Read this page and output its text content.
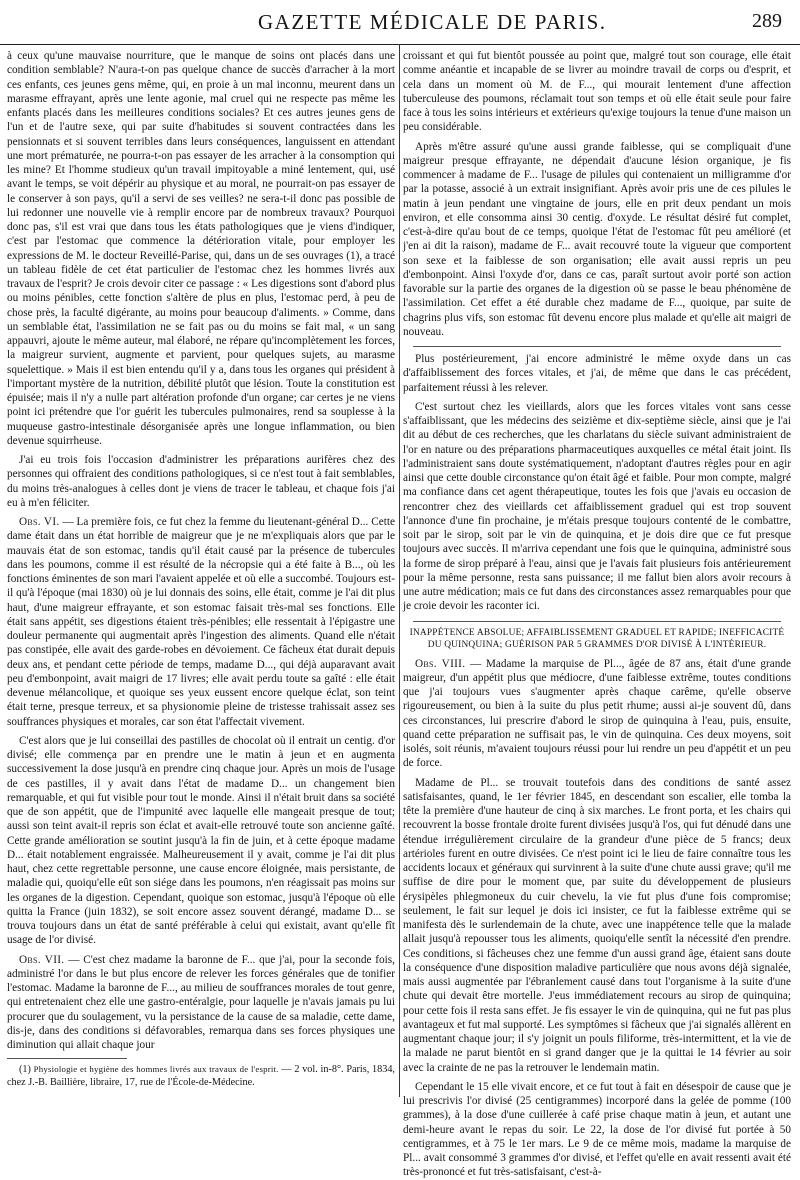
GAZETTE MÉDICALE DE PARIS.	289

à ceux qu'une mauvaise nourriture, que le manque de soins ont placés dans une condition semblable? N'aura-t-on pas quelque chance de succès d'arracher à la mort ces enfants, ces jeunes gens même, qui, en proie à un mal inconnu, meurent dans un marasme effrayant, après une lente agonie, mal cruel qui ne respecte pas même les enfants placés dans les meilleures conditions sociales? Et ces autres jeunes gens de l'un et de l'autre sexe, qui par suite d'habitudes si souvent contractées dans les pensionnats et si souvent terribles dans leurs conséquences, languissent en attendant une mort prématurée, ne pourra-t-on pas essayer de les arracher à la consomption qui les mine? Et l'homme studieux qu'un travail impitoyable a miné lentement, qui, usé avant le temps, se voit dépérir au physique et au moral, ne pourrait-on pas essayer de le conserver à son pays, qu'il a servi de ses veilles? ne sera-t-il donc pas possible de lui redonner une nouvelle vie à remplir encore par de nombreux travaux? Pourquoi donc pas, s'il est vrai que dans tous les états pathologiques que je viens d'indiquer, c'est par l'estomac que commence la détérioration vitale, pour employer les expressions de M. le docteur Reveillé-Parise, qui, dans un de ses ouvrages (1), a tracé un tableau fidèle de cet état particulier de l'estomac chez les hommes livrés aux travaux de l'esprit? Je crois devoir citer ce passage : « Les digestions sont d'abord plus ou moins pénibles, cette fonction s'altère de plus en plus, l'estomac perd, à peu de chose près, la faculté digérante, au moins pour beaucoup d'aliments. » Comme, dans un semblable état, l'assimilation ne se fait pas ou du moins se fait mal, « un sang appauvri, ajoute le même auteur, mal élaboré, ne répare qu'incomplètement les forces, la maigreur survient, augmente et parvient, pour quelques sujets, au marasme squelettique. » Mais il est bien entendu qu'il y a, dans tous les organes qui président à l'important mystère de la nutrition, débilité plutôt que lésion. Toute la constitution est épuisée; mais il n'y a nulle part altération profonde d'un organe; car certes je ne viens point ici prétendre que l'or guérit les tubercules pulmonaires, rend sa souplesse à la muqueuse gastro-intestinale désorganisée après une longue inflammation, ou bien devenue squirrheuse.

J'ai eu trois fois l'occasion d'administrer les préparations aurifères chez des personnes qui offraient des conditions pathologiques, si ce n'est tout à fait semblables, du moins très-analogues à celles dont je viens de tracer le tableau, et chaque fois j'ai eu à m'en féliciter.

Obs. VI. — La première fois, ce fut chez la femme du lieutenant-général D... Cette dame était dans un état horrible de maigreur que je ne m'expliquais alors que par le mauvais état de son estomac, tandis qu'il était causé par la présence de tubercules dans les poumons, comme il est résulté de la nécropsie qui a été faite à B..., où les fonctions éminentes de son mari l'avaient appelée et où elle a succombé. Toujours est-il qu'à l'époque (mai 1830) où je lui donnais des soins, elle était, comme je l'ai dit plus haut, d'une maigreur effrayante, et son estomac faisait très-mal ses fonctions. Elle était sans appétit, ses digestions étaient très-pénibles; elle ressentait à l'épigastre une douleur permanente qui augmentait après l'ingestion des aliments. Quand elle n'était pas constipée, elle avait des garde-robes en dévoiement. Ce fâcheux état durait depuis deux ans, et pendant cette période de temps, madame D..., qui déjà auparavant avait peu d'embonpoint, avait maigri de 17 livres; elle avait perdu toute sa gaîté : elle était devenue mélancolique, et quoique ses yeux eussent encore quelque éclat, son teint était terne, presque terreux, et sa physionomie pleine de tristesse trahissait assez ses souffrances physiques et morales, car son état l'affectait vivement.

C'est alors que je lui conseillai des pastilles de chocolat où il entrait un centig. d'or divisé; elle commença par en prendre une le matin à jeun et en augmenta successivement la dose jusqu'à en prendre cinq chaque jour. Après un mois de l'usage de ces pastilles, il y avait dans l'état de madame D... un changement bien remarquable, et qui fut visible pour tout le monde. Ainsi il n'était bruit dans sa société que de son appétit, que de l'impunité avec laquelle elle mangeait presque de tout; aussi son teint avait-il repris son éclat et avait-elle retrouvé toute son ancienne gaîté. Cette grande amélioration se soutint jusqu'à la fin de juin, et à cette époque madame D... était notablement engraissée. Malheureusement il y avait, comme je l'ai dit plus haut, chez cette regrettable personne, une cause encore éloignée, mais persistante, de maladie qui, quoiqu'elle eût son siége dans les poumons, n'en réagissait pas moins sur les organes de la digestion. Cependant, quoique son estomac, jusqu'à l'époque où elle quitta la France (juin 1832), se soit encore assez souvent dérangé, madame D... se trouva toujours dans un état de santé préférable à celui qui existait, avant qu'elle fît usage de l'or divisé.

Obs. VII. — C'est chez madame la baronne de F... que j'ai, pour la seconde fois, administré l'or dans le but plus encore de relever les forces générales que de tonifier l'estomac. Madame la baronne de F..., au milieu de souffrances morales de tout genre, qui entretenaient chez elle une gastro-entéralgie, pour laquelle je n'avais jamais pu lui procurer que du soulagement, vu la persistance de la cause de sa maladie, cette dame, dis-je, dans des conditions si défavorables, remarqua dans ses forces physiques une diminution qui allait chaque jour

(1) Physiologie et hygiène des hommes livrés aux travaux de l'esprit. — 2 vol. in-8°. Paris, 1834, chez J.-B. Baillière, libraire, 17, rue de l'École-de-Médecine.

croissant et qui fut bientôt poussée au point que, malgré tout son courage, elle était comme anéantie et incapable de se livrer au moindre travail de corps ou d'esprit, et cela dans un moment où M. de F..., qui mourait lentement d'une affection tuberculeuse des poumons, réclamait tout son temps et où elle était seule pour faire face à tous les soins intérieurs et extérieurs qu'exige toujours la tenue d'une maison un peu considérable.

Après m'être assuré qu'une aussi grande faiblesse, qui se compliquait d'une maigreur presque effrayante, ne dépendait d'aucune lésion organique, je fis commencer à madame de F... l'usage de pilules qui contenaient un milligramme d'or par la potasse, associé à un extrait insignifiant. Après avoir pris une de ces pilules le matin à jeun pendant une vingtaine de jours, elle en prit deux pendant un mois environ, et elle consomma ainsi 30 centig. d'oxyde. Le résultat désiré fut complet, c'est-à-dire qu'au bout de ce temps, quoique l'état de l'estomac fût peu amélioré (et j'en ai dit la raison), madame de F... avait recouvré toute la vigueur que comportent son sexe et la faiblesse de son organisation; elle avait aussi repris un peu d'embonpoint. Ainsi l'oxyde d'or, dans ce cas, paraît surtout avoir porté son action favorable sur la partie des organes de la digestion où se passe le beau phénomène de l'assimilation. Cet effet a été durable chez madame de F..., quoique, par suite de chagrins plus vifs, son estomac fût devenu encore plus malade et qu'elle ait maigri de nouveau.

Plus postérieurement, j'ai encore administré le même oxyde dans un cas d'affaiblissement des forces vitales, et j'ai, de même que dans le cas précédent, parfaitement réussi à les relever.

C'est surtout chez les vieillards, alors que les forces vitales vont sans cesse s'affaiblissant, que les médecins des seizième et dix-septième siècle, ainsi que je l'ai dit au début de ces recherches, que les charlatans du siècle suivant administraient de l'or en nature ou des préparations pharmaceutiques auxquelles ce métal était joint. Ils l'administraient sans doute systématiquement, n'adoptant d'autres règles pour en agir ainsi que cette double circonstance qu'on était âgé et faible. Pour mon compte, malgré ma confiance dans cet agent thérapeutique, toutes les fois que j'avais eu occasion de rencontrer chez des vieillards cet affaiblissement graduel qui est trop souvent l'annonce d'une fin prochaine, je m'étais presque toujours contenté de le combattre, soit par le sirop, soit par le vin de quinquina, et je dois dire que ce fut presque toujours avec succès. Il m'arriva cependant une fois que le quinquina, administré sous la forme de sirop préparé à l'eau, ainsi que je l'avais fait plusieurs fois antérieurement pour la même personne, resta sans puissance; il me fallut bien alors avoir recours à une autre médication; mais ce fut dans des circonstances assez remarquables pour que je croie devoir les raconter ici.

INAPPÉTENCE ABSOLUE; AFFAIBLISSEMENT GRADUEL ET RAPIDE; INEFFICACITÉ DU QUINQUINA; GUÉRISON PAR 5 GRAMMES D'OR DIVISÉ À L'INTÉRIEUR.

Obs. VIII. — Madame la marquise de Pl..., âgée de 87 ans, était d'une grande maigreur, d'un appétit plus que médiocre, d'une faiblesse extrême, toutes conditions que j'ai toujours vues s'augmenter après chaque carême, qu'elle observe rigoureusement, ou bien à la suite du plus petit rhume; aussi ai-je souvent dû, dans ces circonstances, lui prescrire d'abord le sirop de quinquina à l'eau, puis, ensuite, quand cette préparation ne suffisait pas, le vin de quinquina. Ces deux moyens, soit isolés, soit réunis, m'avaient toujours réussi pour lui rendre un peu d'appétit et un peu de force.

Madame de Pl... se trouvait toutefois dans des conditions de santé assez satisfaisantes, quand, le 1er février 1845, en descendant son escalier, elle tomba la tête la première d'une hauteur de cinq à six marches. Le front porta, et les chairs qui recouvrent la bosse frontale droite furent divisées jusqu'à l'os, qui fut dénudé dans une étendue irrégulièrement circulaire de la grandeur d'une pièce de 5 francs; deux artérioles furent en outre divisées. Ce n'est point ici le lieu de faire connaître tous les accidents locaux et généraux qui survinrent à la suite d'une chute aussi grave; qu'il me suffise de dire pour le moment que, par suite du développement de plusieurs érysipèles phlegmoneux du cuir chevelu, la vie fut plus d'une fois compromise; seulement, le fait sur lequel je dois ici insister, ce fut la faiblesse extrême qui se manifesta dès le surlendemain de la chute, avec une inappétence telle que la malade allait jusqu'à repousser tous les aliments, quoiqu'elle sentît la nécessité d'en prendre. Ces conditions, si fâcheuses chez une femme d'un aussi grand âge, étaient sans doute la conséquence d'une disposition maladive particulière que nous avons déjà signalée, mais aussi augmentée par l'ébranlement causé dans tout l'organisme à la suite d'une chute qui devait être mortelle. J'eus immédiatement recours au sirop de quinquina; pour cette fois il resta sans effet. Je fis essayer le vin de quinquina, qui ne fut pas plus avantageux et fut mal supporté. Les symptômes si fâcheux que j'ai signalés allèrent en augmentant chaque jour; il s'y joignit un pouls filiforme, très-intermittent, et la vie de la malade ne parut bientôt en si grand danger que je la quittai le 14 février au soir avec la crainte de ne pas la retrouver le lendemain matin.

Cependant le 15 elle vivait encore, et ce fut tout à fait en désespoir de cause que je lui prescrivis l'or divisé (25 centigrammes) incorporé dans la gelée de pomme (100 grammes), à la dose d'une cuillerée à café prise chaque matin à jeun, et autant une demi-heure avant le repas du soir. Le 22, la dose de l'or divisé fut portée à 50 centigrammes, et à 75 le 1er mars. Le 9 de ce même mois, madame la marquise de Pl... avait consommé 3 grammes d'or divisé, et l'effet qu'elle en avait ressenti avait été très-prononcé et fut très-satisfaisant, c'est-à-
